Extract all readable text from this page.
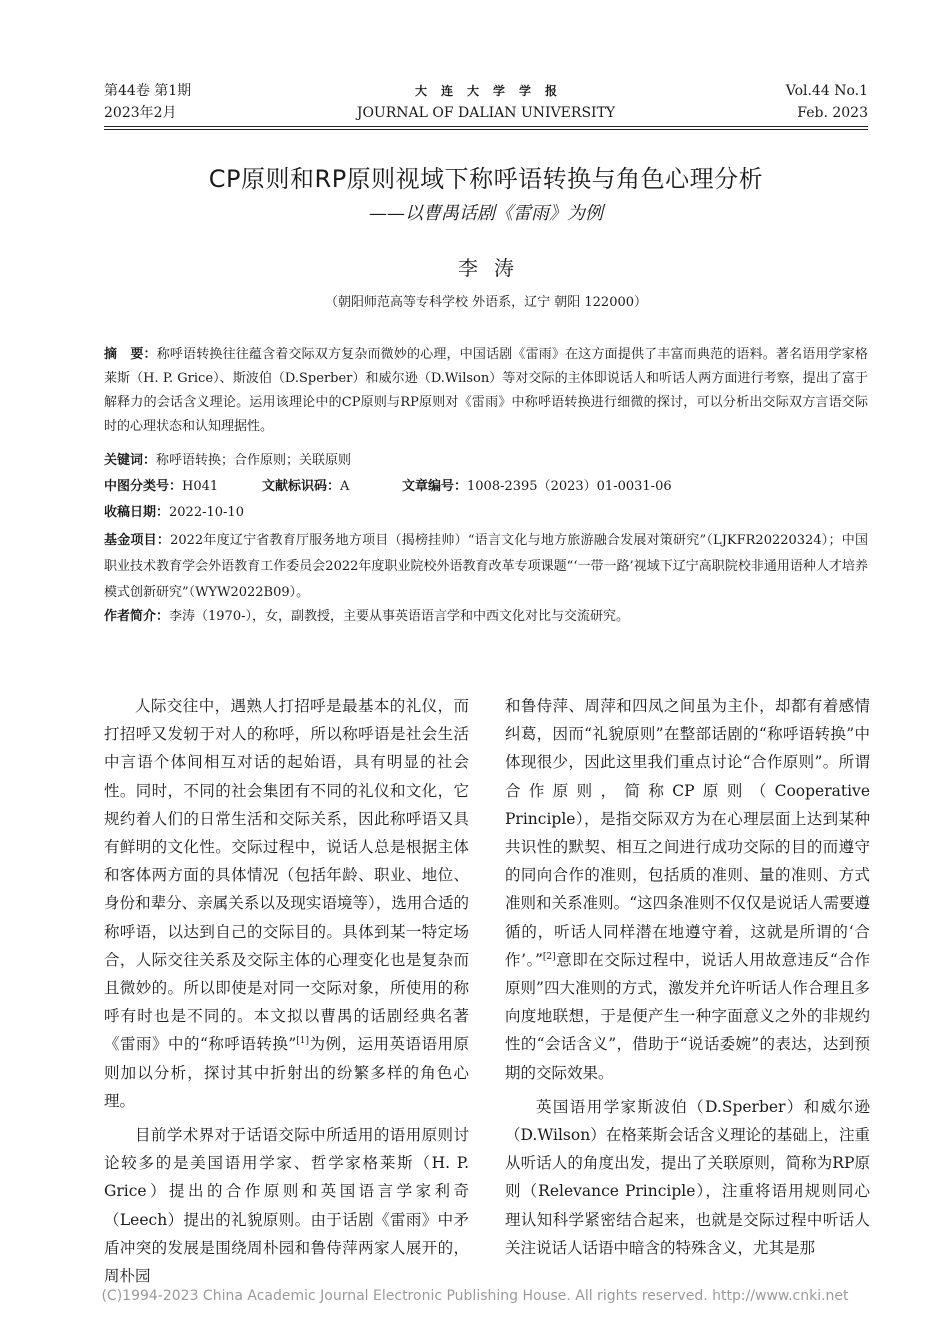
第44卷 第1期
2023年2月
大连大学学报
JOURNAL OF DALIAN UNIVERSITY
Vol.44 No.1
Feb. 2023
CP原则和RP原则视域下称呼语转换与角色心理分析
——以曹禺话剧《雷雨》为例
李涛
（朝阳师范高等专科学校 外语系，辽宁 朝阳 122000）
摘　要：称呼语转换往往蕴含着交际双方复杂而微妙的心理，中国话剧《雷雨》在这方面提供了丰富而典范的语料。著名语用学家格莱斯（H. P. Grice）、斯波伯（D.Sperber）和威尔逊（D.Wilson）等对交际的主体即说话人和听话人两方面进行考察，提出了富于解释力的会话含义理论。运用该理论中的CP原则与RP原则对《雷雨》中称呼语转换进行细微的探讨，可以分析出交际双方言语交际时的心理状态和认知理据性。
关键词：称呼语转换；合作原则；关联原则
中图分类号：H041	文献标识码：A	文章编号：1008-2395（2023）01-0031-06
收稿日期：2022-10-10
基金项目：2022年度辽宁省教育厅服务地方项目（揭榜挂帅）“语言文化与地方旅游融合发展对策研究”（LJKFR20220324）；中国职业技术教育学会外语教育工作委员会2022年度职业院校外语教育改革专项课题“‘一带一路’视域下辽宁高职院校非通用语种人才培养模式创新研究”（WYW2022B09）。
作者简介：李涛（1970-），女，副教授，主要从事英语语言学和中西文化对比与交流研究。

人际交往中，遇熟人打招呼是最基本的礼仪，而打招呼又发轫于对人的称呼，所以称呼语是社会生活中言语个体间相互对话的起始语，具有明显的社会性。同时，不同的社会集团有不同的礼仪和文化，它规约着人们的日常生活和交际关系，因此称呼语又具有鲜明的文化性。交际过程中，说话人总是根据主体和客体两方面的具体情况（包括年龄、职业、地位、身份和辈分、亲属关系以及现实语境等），选用合适的称呼语，以达到自己的交际目的。具体到某一特定场合，人际交往关系及交际主体的心理变化也是复杂而且微妙的。所以即使是对同一交际对象，所使用的称呼有时也是不同的。本文拟以曹禺的话剧经典名著《雷雨》中的“称呼语转换”[1]为例，运用英语语用原则加以分析，探讨其中折射出的纷繁多样的角色心理。

目前学术界对于话语交际中所适用的语用原则讨论较多的是美国语用学家、哲学家格莱斯（H. P. Grice）提出的合作原则和英国语言学家利奇（Leech）提出的礼貌原则。由于话剧《雷雨》中矛盾冲突的发展是围绕周朴园和鲁侍萍两家人展开的，周朴园

和鲁侍萍、周萍和四凤之间虽为主仆，却都有着感情纠葛，因而“礼貌原则”在整部话剧的“称呼语转换”中体现很少，因此这里我们重点讨论“合作原则”。所谓合作原则，简称CP原则（Cooperative Principle），是指交际双方为在心理层面上达到某种共识性的默契、相互之间进行成功交际的目的而遵守的同向合作的准则，包括质的准则、量的准则、方式准则和关系准则。“这四条准则不仅仅是说话人需要遵循的，听话人同样潜在地遵守着，这就是所谓的‘合作’。”[2]意即在交际过程中，说话人用故意违反“合作原则”四大准则的方式，激发并允许听话人作合理且多向度地联想，于是便产生一种字面意义之外的非规约性的“会话含义”，借助于“说话委婉”的表达，达到预期的交际效果。

英国语用学家斯波伯（D.Sperber）和威尔逊（D.Wilson）在格莱斯会话含义理论的基础上，注重从听话人的角度出发，提出了关联原则，简称为RP原则（Relevance Principle），注重将语用规则同心理认知科学紧密结合起来，也就是交际过程中听话人关注说话人话语中暗含的特殊含义，尤其是那

(C)1994-2023 China Academic Journal Electronic Publishing House. All rights reserved. http://www.cnki.net
